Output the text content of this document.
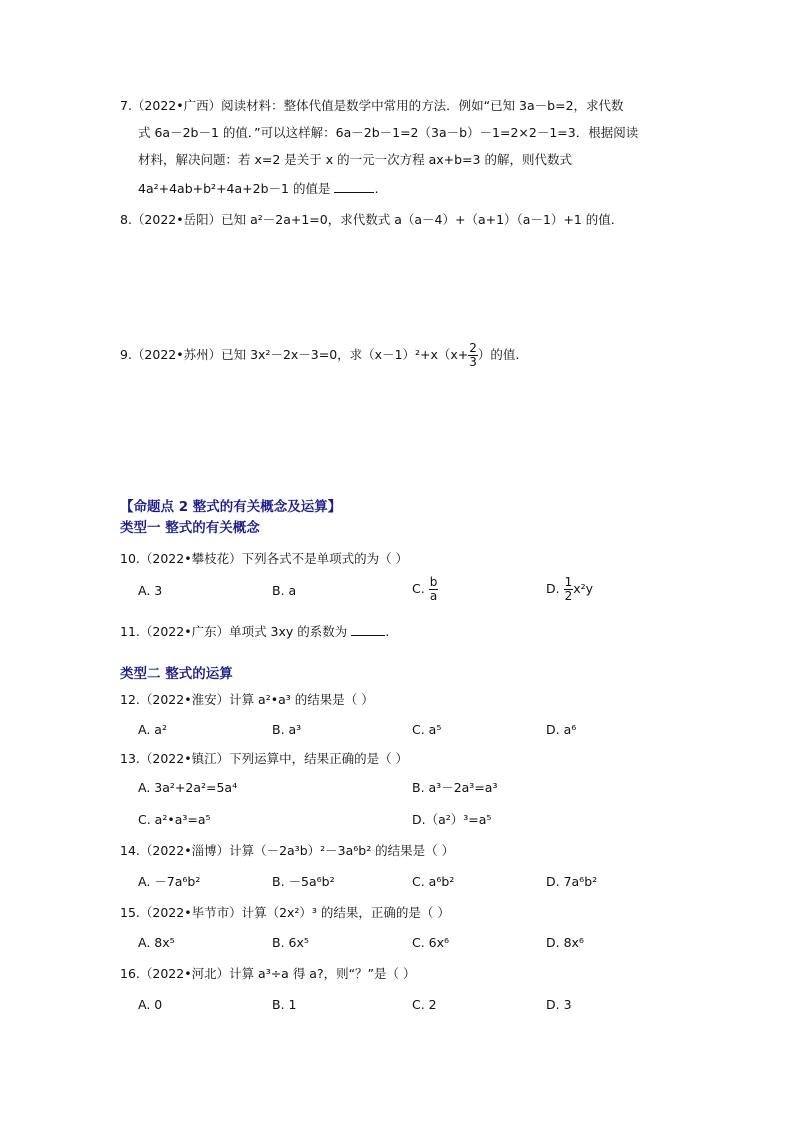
7.（2022•广西）阅读材料：整体代值是数学中常用的方法．例如“已知 3a－b=2，求代数
式 6a－2b－1 的值．”可以这样解：6a－2b－1=2（3a－b）－1=2×2－1=3．根据阅读
材料，解决问题：若 x=2 是关于 x 的一元一次方程 ax+b=3 的解，则代数式
4a²+4ab+b²+4a+2b－1 的值是	.
8.（2022•岳阳）已知 a²－2a+1=0，求代数式 a（a－4）+（a+1）（a－1）+1 的值.
9.（2022•苏州）已知 3x²－2x－3=0，求$(x-1)^2+x(x+ \frac{2}{3}$ ）的值.
【命题点 2 整式的有关概念及运算】
类型一 整式的有关概念
10.（2022•攀枝花）下列各式不是单项式的为（ ）
A. 3	B. a	C. $\frac{b}{a}$	D. $\frac{1}{2} x^2y$
11.（2022•广东）单项式 3xy 的系数为	.
类型二 整式的运算
12.（2022•淮安）计算 a²•a³ 的结果是（ ）
A. a²	B. a³	C. a⁵	D. a⁶
13.（2022•镇江）下列运算中，结果正确的是（ ）
A. 3a²+2a²=5a⁴	B. a³－2a³=a³
C. a²•a³=a⁵	D.（a²）³=a⁵
14.（2022•淄博）计算（－2a³b）²－3a⁶b² 的结果是（ ）
A. －7a⁶b²	B. －5a⁶b²	C. a⁶b²	D. 7a⁶b²
15.（2022•毕节市）计算（2x²）³ 的结果，正确的是（ ）
A. 8x⁵	B. 6x⁵	C. 6x⁶	D. 8x⁶
16.（2022•河北）计算 a³÷a 得 a?，则“？”是（ ）
A. 0	B. 1	C. 2	D. 3
